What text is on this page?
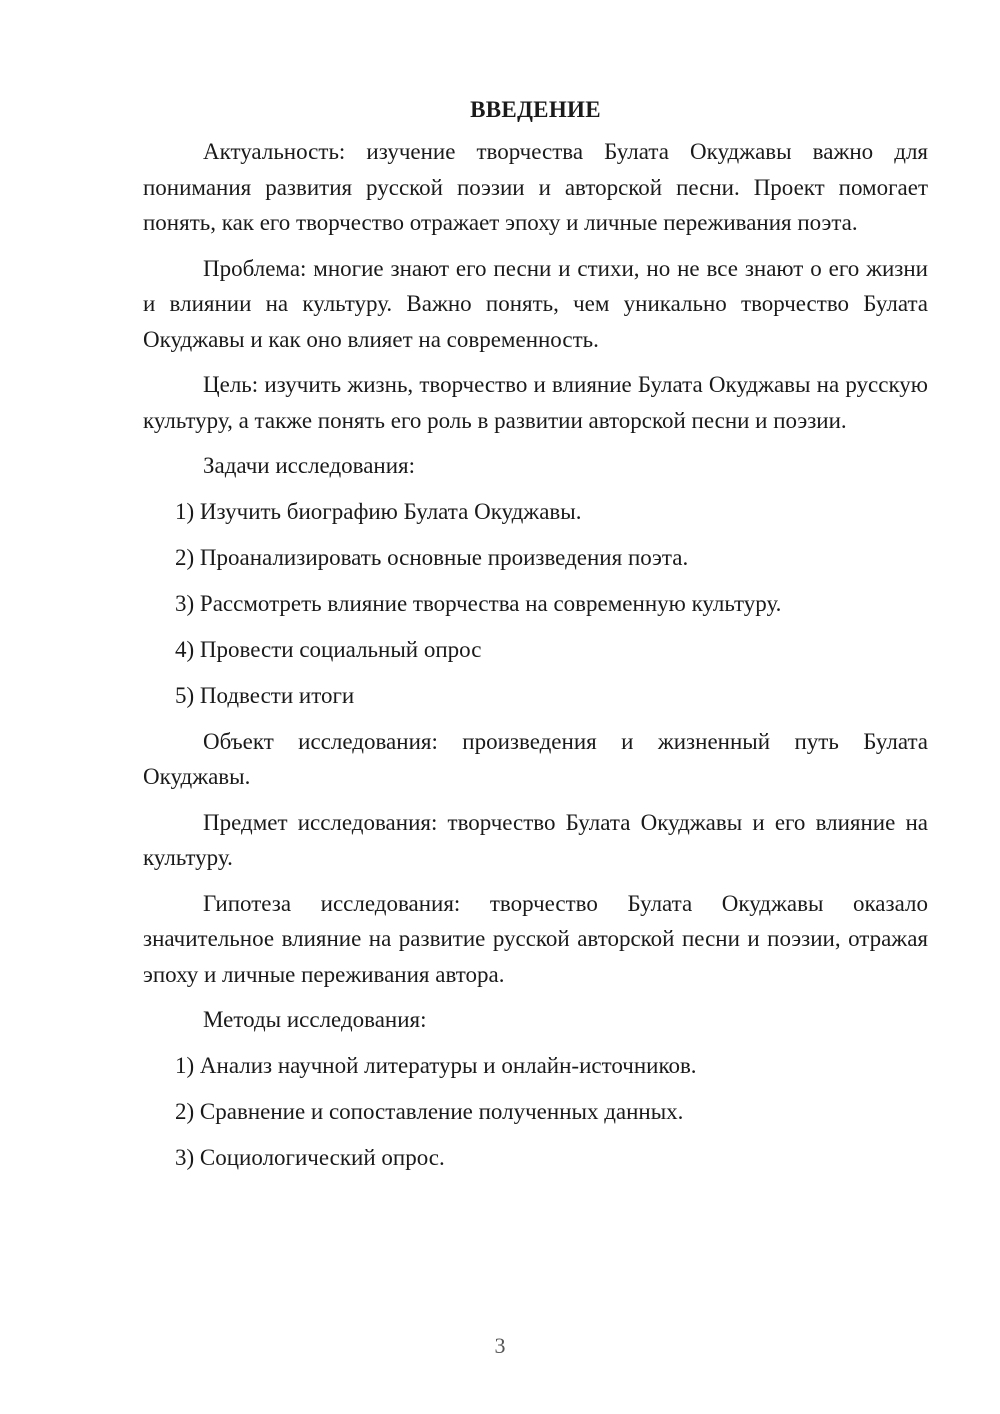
ВВЕДЕНИЕ

Актуальность: изучение творчества Булата Окуджавы важно для понимания развития русской поэзии и авторской песни. Проект помогает понять, как его творчество отражает эпоху и личные переживания поэта.

Проблема: многие знают его песни и стихи, но не все знают о его жизни и влиянии на культуру. Важно понять, чем уникально творчество Булата Окуджавы и как оно влияет на современность.

Цель: изучить жизнь, творчество и влияние Булата Окуджавы на русскую культуру, а также понять его роль в развитии авторской песни и поэзии.

Задачи исследования:

1) Изучить биографию Булата Окуджавы.
2) Проанализировать основные произведения поэта.
3) Рассмотреть влияние творчества на современную культуру.
4) Провести социальный опрос
5) Подвести итоги

Объект исследования: произведения и жизненный путь Булата Окуджавы.

Предмет исследования: творчество Булата Окуджавы и его влияние на культуру.

Гипотеза исследования: творчество Булата Окуджавы оказало значительное влияние на развитие русской авторской песни и поэзии, отражая эпоху и личные переживания автора.

Методы исследования:

1) Анализ научной литературы и онлайн-источников.
2) Сравнение и сопоставление полученных данных.
3) Социологический опрос.
3
